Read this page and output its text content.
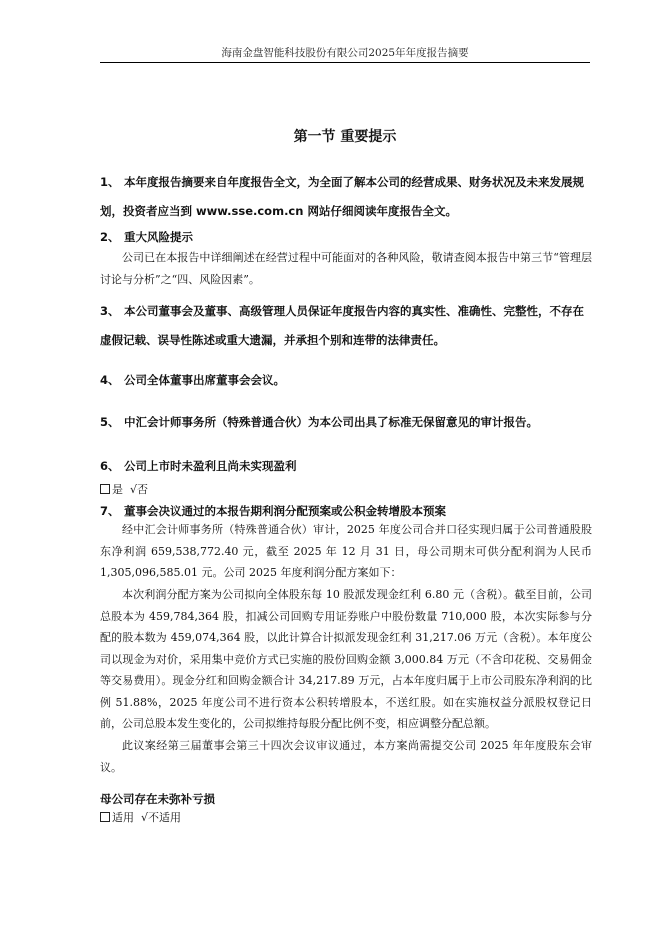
海南金盘智能科技股份有限公司2025年年度报告摘要
第一节 重要提示
1、 本年度报告摘要来自年度报告全文，为全面了解本公司的经营成果、财务状况及未来发展规划，投资者应当到 www.sse.com.cn 网站仔细阅读年度报告全文。
2、 重大风险提示
公司已在本报告中详细阐述在经营过程中可能面对的各种风险，敬请查阅本报告中第三节“管理层讨论与分析”之“四、风险因素”。
3、 本公司董事会及董事、高级管理人员保证年度报告内容的真实性、准确性、完整性，不存在虚假记载、误导性陈述或重大遗漏，并承担个别和连带的法律责任。
4、 公司全体董事出席董事会会议。
5、 中汇会计师事务所（特殊普通合伙）为本公司出具了标准无保留意见的审计报告。
6、 公司上市时未盈利且尚未实现盈利
是 √否
7、 董事会决议通过的本报告期利润分配预案或公积金转增股本预案
经中汇会计师事务所（特殊普通合伙）审计，2025 年度公司合并口径实现归属于公司普通股股东净利润 659,538,772.40 元，截至 2025 年 12 月 31 日，母公司期末可供分配利润为人民币 1,305,096,585.01 元。公司 2025 年度利润分配方案如下：
本次利润分配方案为公司拟向全体股东每 10 股派发现金红利 6.80 元（含税）。截至目前，公司总股本为 459,784,364 股，扣减公司回购专用证券账户中股份数量 710,000 股，本次实际参与分配的股本数为 459,074,364 股，以此计算合计拟派发现金红利 31,217.06 万元（含税）。本年度公司以现金为对价，采用集中竞价方式已实施的股份回购金额 3,000.84 万元（不含印花税、交易佣金等交易费用）。现金分红和回购金额合计 34,217.89 万元，占本年度归属于上市公司股东净利润的比例 51.88%，2025 年度公司不进行资本公积转增股本，不送红股。如在实施权益分派股权登记日前，公司总股本发生变化的，公司拟维持每股分配比例不变，相应调整分配总额。
此议案经第三届董事会第三十四次会议审议通过，本方案尚需提交公司 2025 年年度股东会审议。
母公司存在未弥补亏损
适用 √不适用
